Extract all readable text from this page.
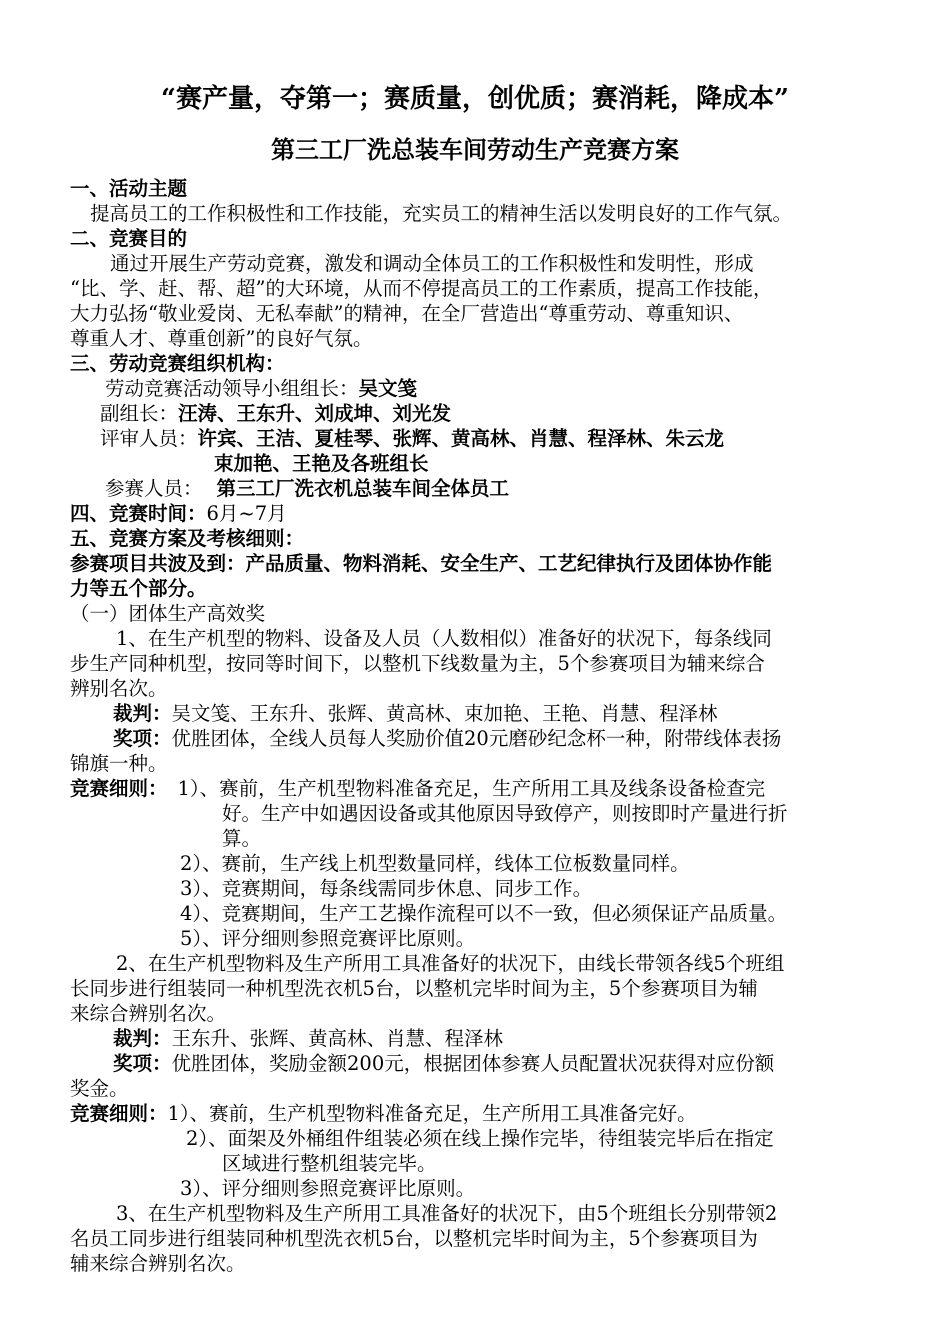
“赛产量，夺第一；赛质量，创优质；赛消耗，降成本”
第三工厂洗总装车间劳动生产竞赛方案
一、活动主题
提高员工的工作积极性和工作技能，充实员工的精神生活以发明良好的工作气氛。
二、竞赛目的
通过开展生产劳动竞赛，激发和调动全体员工的工作积极性和发明性，形成
“比、学、赶、帮、超”的大环境，从而不停提高员工的工作素质，提高工作技能，
大力弘扬“敬业爱岗、无私奉献”的精神，在全厂营造出“尊重劳动、尊重知识、
尊重人才、尊重创新”的良好气氛。
三、劳动竞赛组织机构：
劳动竞赛活动领导小组组长：吴文笺
副组长：汪涛、王东升、刘成坤、刘光发
评审人员：许宾、王洁、夏桂琴、张辉、黄高林、肖慧、程泽林、朱云龙
束加艳、王艳及各班组长
参赛人员： 第三工厂洗衣机总装车间全体员工
四、竞赛时间：6月~7月
五、竞赛方案及考核细则：
参赛项目共波及到：产品质量、物料消耗、安全生产、工艺纪律执行及团体协作能
力等五个部分。
（一）团体生产高效奖
1、在生产机型的物料、设备及人员（人数相似）准备好的状况下，每条线同
步生产同种机型，按同等时间下，以整机下线数量为主，5个参赛项目为辅来综合
辨别名次。
裁判：吴文笺、王东升、张辉、黄高林、束加艳、王艳、肖慧、程泽林
奖项：优胜团体，全线人员每人奖励价值20元磨砂纪念杯一种，附带线体表扬
锦旗一种。
竞赛细则： 1）、赛前，生产机型物料准备充足，生产所用工具及线条设备检查完
好。生产中如遇因设备或其他原因导致停产，则按即时产量进行折
算。
2）、赛前，生产线上机型数量同样，线体工位板数量同样。
3）、竞赛期间，每条线需同步休息、同步工作。
4）、竞赛期间，生产工艺操作流程可以不一致，但必须保证产品质量。
5）、评分细则参照竞赛评比原则。
2、在生产机型物料及生产所用工具准备好的状况下，由线长带领各线5个班组
长同步进行组装同一种机型洗衣机5台，以整机完毕时间为主，5个参赛项目为辅
来综合辨别名次。
裁判：王东升、张辉、黄高林、肖慧、程泽林
奖项：优胜团体，奖励金额200元，根据团体参赛人员配置状况获得对应份额
奖金。
竞赛细则：1）、赛前，生产机型物料准备充足，生产所用工具准备完好。
2）、面架及外桶组件组装必须在线上操作完毕，待组装完毕后在指定
区域进行整机组装完毕。
3）、评分细则参照竞赛评比原则。
3、在生产机型物料及生产所用工具准备好的状况下，由5个班组长分别带领2
名员工同步进行组装同种机型洗衣机5台，以整机完毕时间为主，5个参赛项目为
辅来综合辨别名次。
